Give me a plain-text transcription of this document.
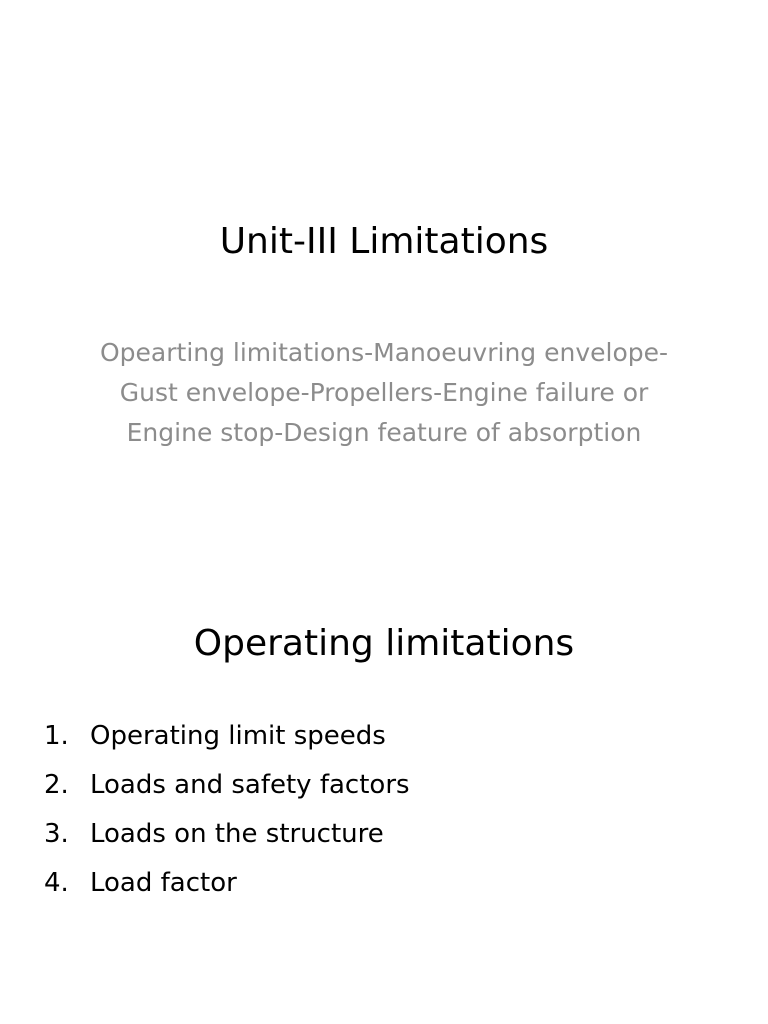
Unit-III Limitations

Opearting limitations-Manoeuvring envelope-
Gust envelope-Propellers-Engine failure or
Engine stop-Design feature of absorption

Operating limitations
1. Operating limit speeds
2. Loads and safety factors
3. Loads on the structure
4. Load factor
